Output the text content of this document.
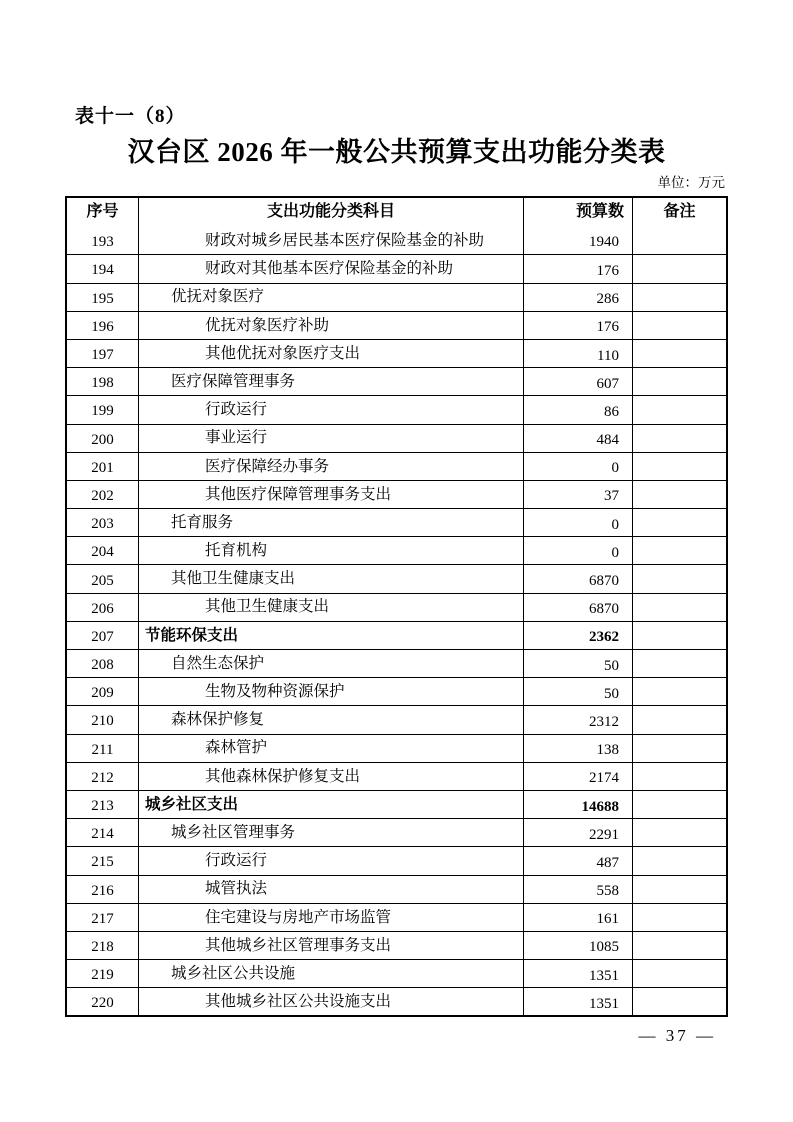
表十一（8）
汉台区 2026 年一般公共预算支出功能分类表
单位：万元
序号	支出功能分类科目	预算数	备注
193	财政对城乡居民基本医疗保险基金的补助	1940
194	财政对其他基本医疗保险基金的补助	176
195	优抚对象医疗	286
196	优抚对象医疗补助	176
197	其他优抚对象医疗支出	110
198	医疗保障管理事务	607
199	行政运行	86
200	事业运行	484
201	医疗保障经办事务	0
202	其他医疗保障管理事务支出	37
203	托育服务	0
204	托育机构	0
205	其他卫生健康支出	6870
206	其他卫生健康支出	6870
207	节能环保支出	2362
208	自然生态保护	50
209	生物及物种资源保护	50
210	森林保护修复	2312
211	森林管护	138
212	其他森林保护修复支出	2174
213	城乡社区支出	14688
214	城乡社区管理事务	2291
215	行政运行	487
216	城管执法	558
217	住宅建设与房地产市场监管	161
218	其他城乡社区管理事务支出	1085
219	城乡社区公共设施	1351
220	其他城乡社区公共设施支出	1351
— 37 —
